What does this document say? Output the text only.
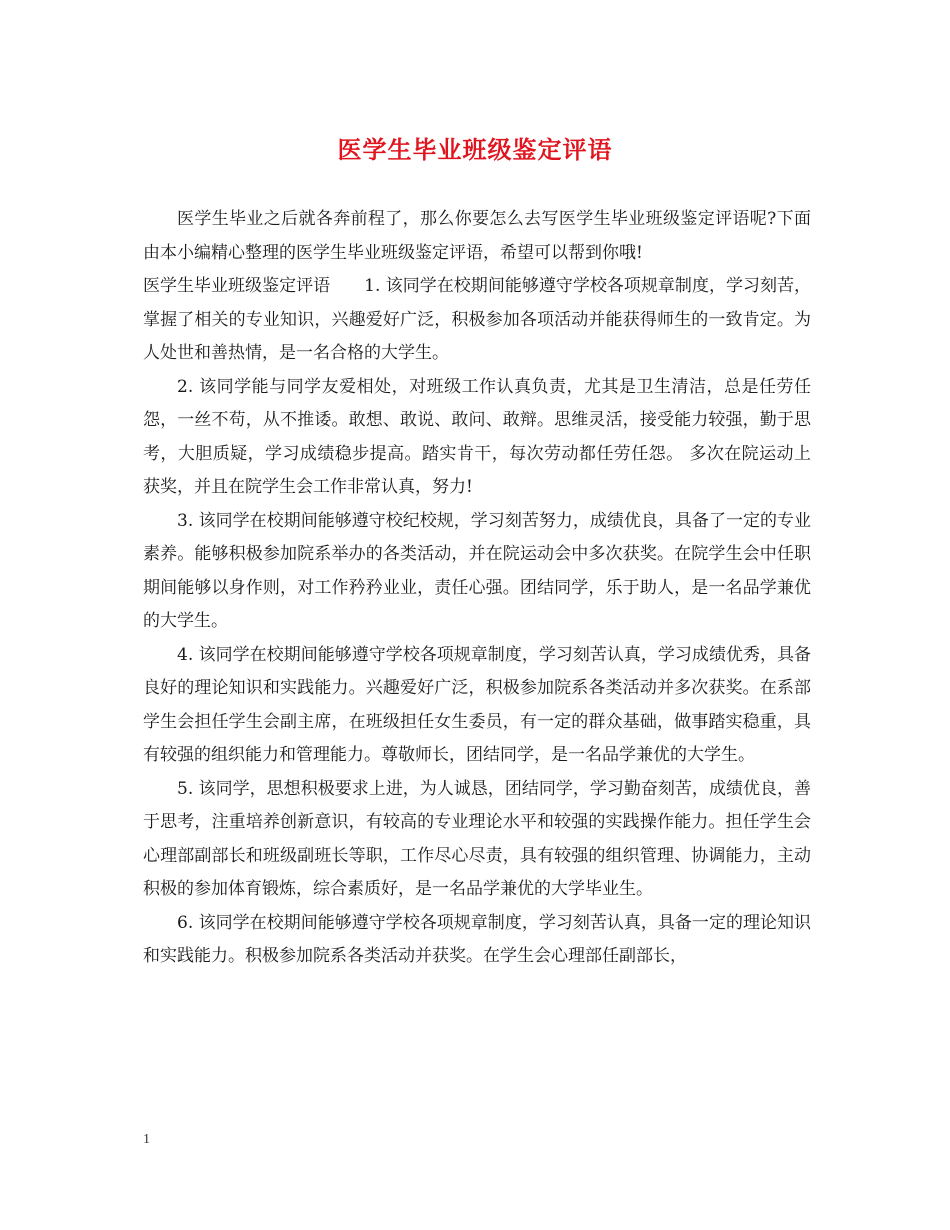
医学生毕业班级鉴定评语

医学生毕业之后就各奔前程了，那么你要怎么去写医学生毕业班级鉴定评语呢?下面由本小编精心整理的医学生毕业班级鉴定评语，希望可以帮到你哦!

医学生毕业班级鉴定评语 1. 该同学在校期间能够遵守学校各项规章制度，学习刻苦，掌握了相关的专业知识，兴趣爱好广泛，积极参加各项活动并能获得师生的一致肯定。为人处世和善热情，是一名合格的大学生。

2. 该同学能与同学友爱相处，对班级工作认真负责，尤其是卫生清洁，总是任劳任怨，一丝不苟，从不推诿。敢想、敢说、敢问、敢辩。思维灵活，接受能力较强，勤于思考，大胆质疑，学习成绩稳步提高。踏实肯干，每次劳动都任劳任怨。 多次在院运动上获奖，并且在院学生会工作非常认真，努力!

3. 该同学在校期间能够遵守校纪校规，学习刻苦努力，成绩优良，具备了一定的专业素养。能够积极参加院系举办的各类活动，并在院运动会中多次获奖。在院学生会中任职期间能够以身作则，对工作矜矜业业，责任心强。团结同学，乐于助人，是一名品学兼优的大学生。

4. 该同学在校期间能够遵守学校各项规章制度，学习刻苦认真，学习成绩优秀，具备良好的理论知识和实践能力。兴趣爱好广泛，积极参加院系各类活动并多次获奖。在系部学生会担任学生会副主席，在班级担任女生委员，有一定的群众基础，做事踏实稳重，具有较强的组织能力和管理能力。尊敬师长，团结同学，是一名品学兼优的大学生。

5. 该同学，思想积极要求上进，为人诚恳，团结同学，学习勤奋刻苦，成绩优良，善于思考，注重培养创新意识，有较高的专业理论水平和较强的实践操作能力。担任学生会心理部副部长和班级副班长等职，工作尽心尽责，具有较强的组织管理、协调能力，主动积极的参加体育锻炼，综合素质好，是一名品学兼优的大学毕业生。

6. 该同学在校期间能够遵守学校各项规章制度，学习刻苦认真，具备一定的理论知识和实践能力。积极参加院系各类活动并获奖。在学生会心理部任副部长，

1
